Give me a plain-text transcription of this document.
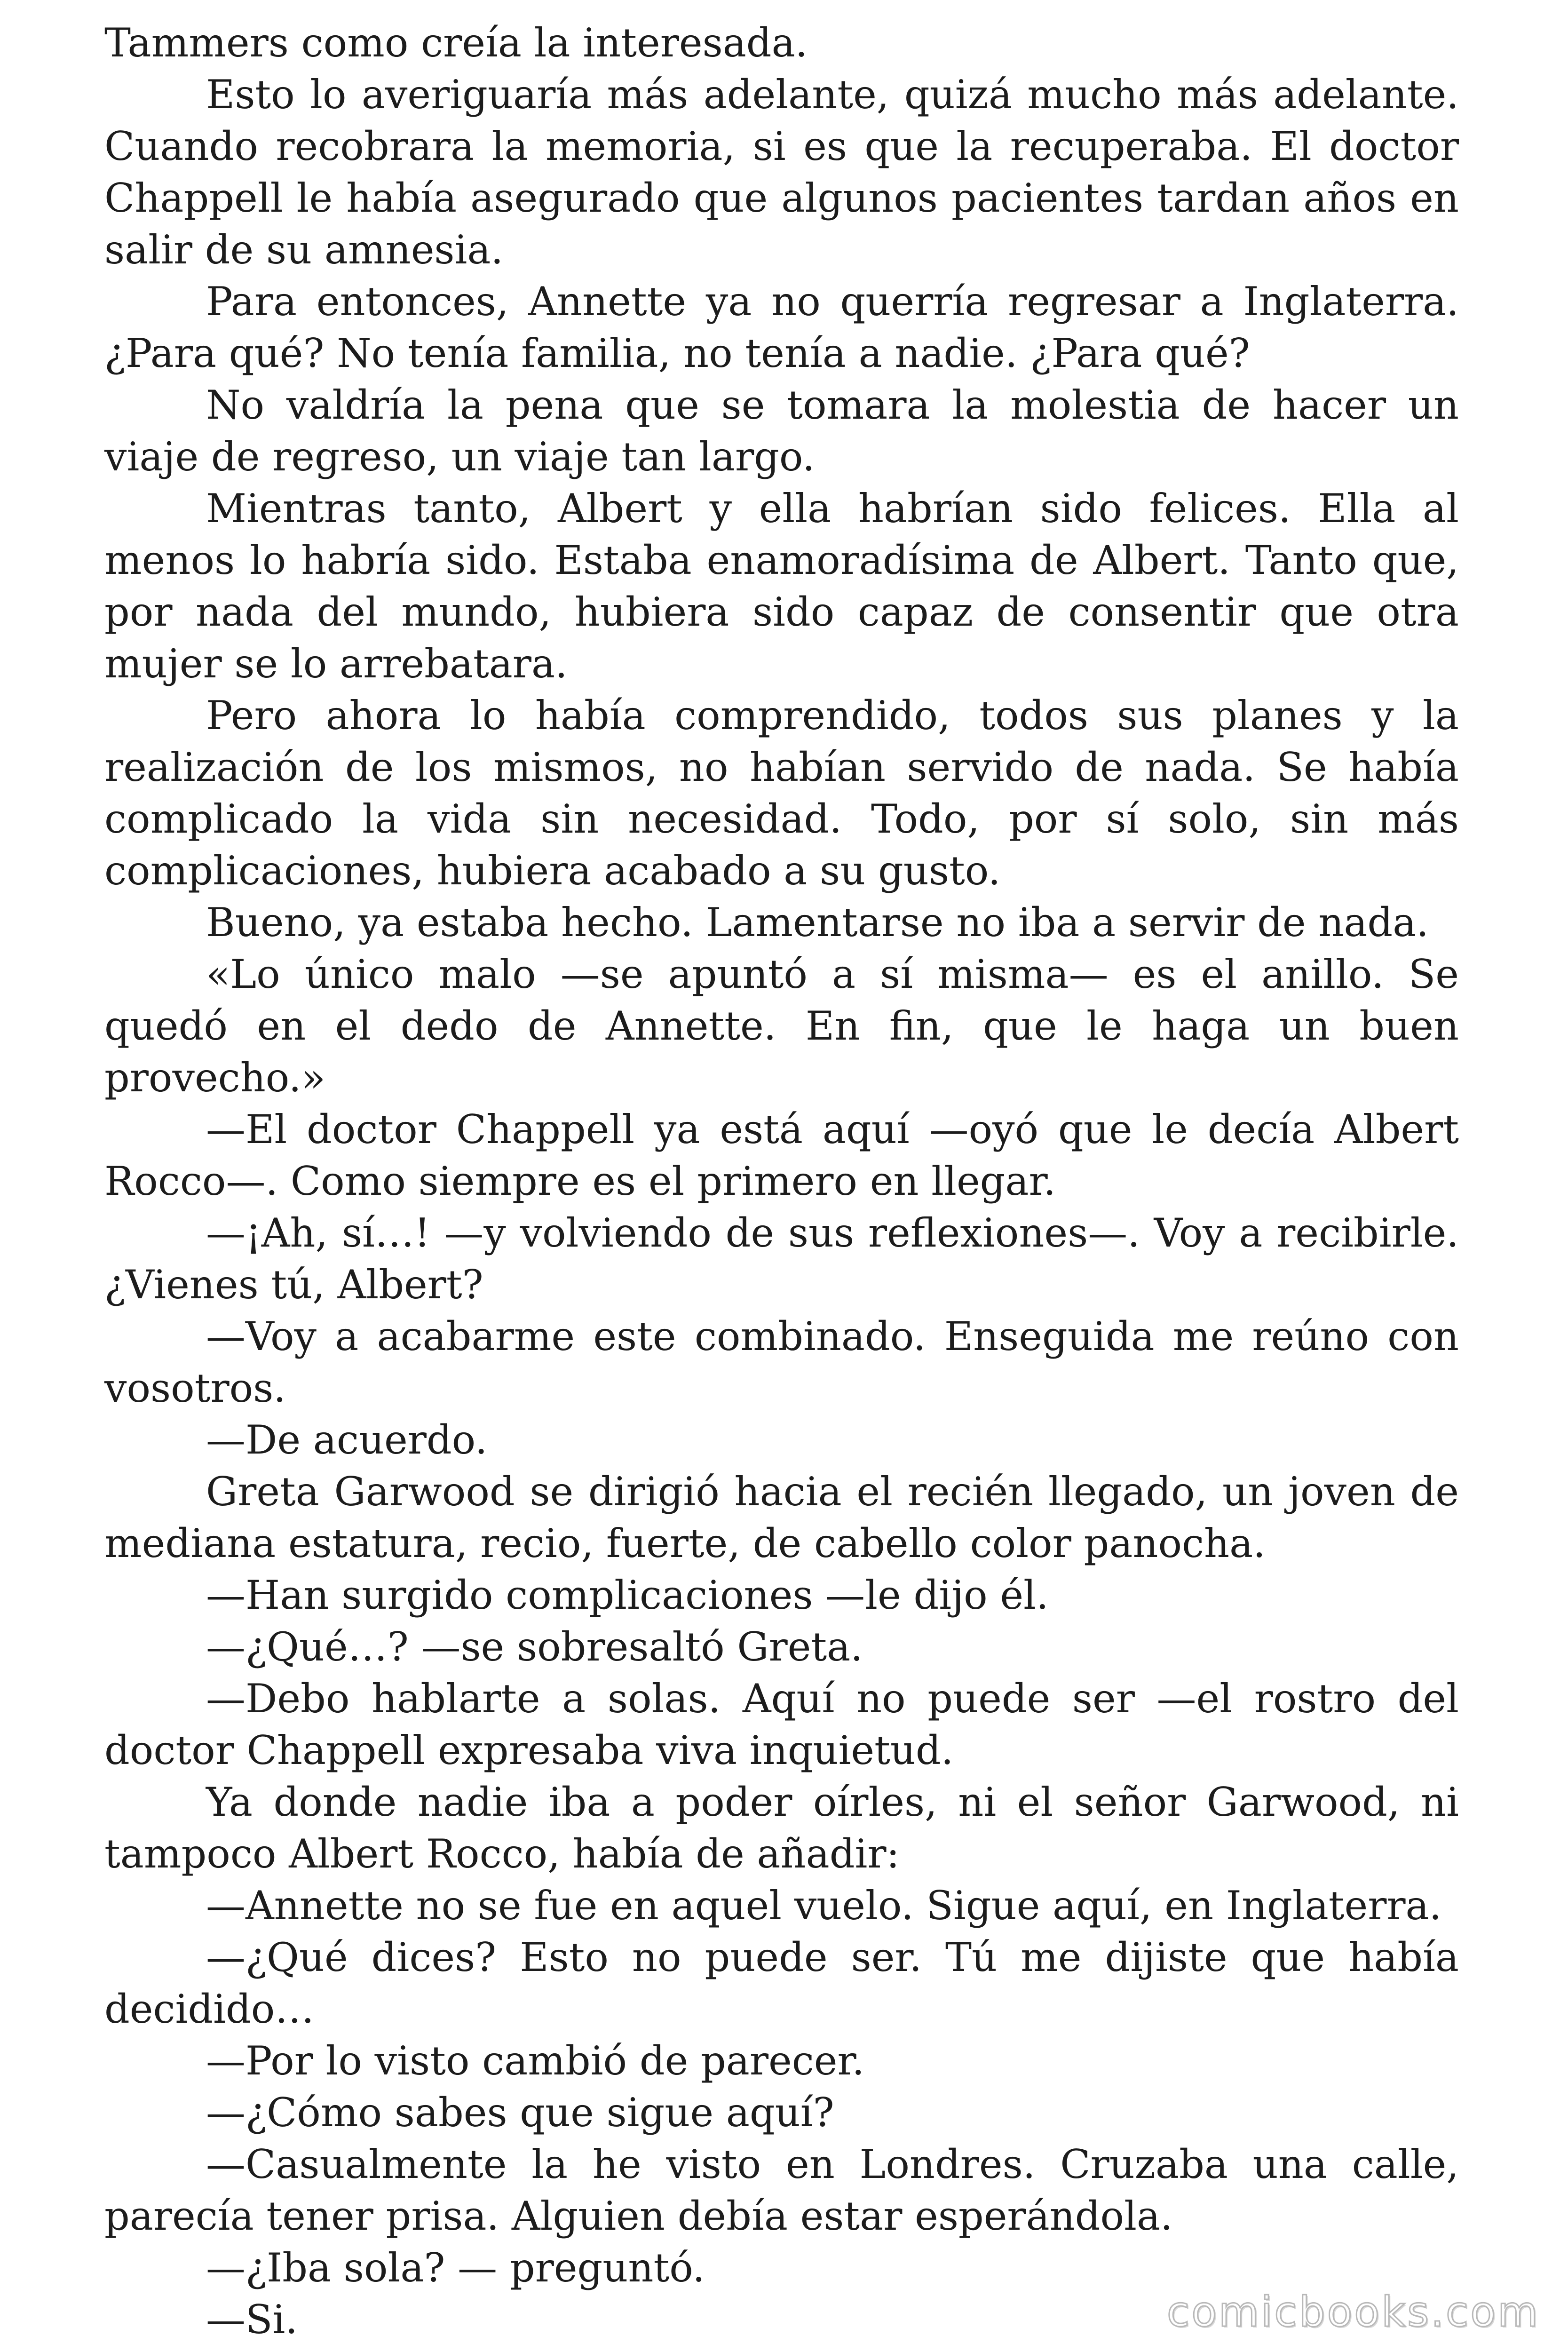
Tammers como creía la interesada.

Esto lo averiguaría más adelante, quizá mucho más adelante. Cuando recobrara la memoria, si es que la recuperaba. El doctor Chappell le había asegurado que algunos pacientes tardan años en salir de su amnesia.

Para entonces, Annette ya no querría regresar a Inglaterra. ¿Para qué? No tenía familia, no tenía a nadie. ¿Para qué?

No valdría la pena que se tomara la molestia de hacer un viaje de regreso, un viaje tan largo.

Mientras tanto, Albert y ella habrían sido felices. Ella al menos lo habría sido. Estaba enamoradísima de Albert. Tanto que, por nada del mundo, hubiera sido capaz de consentir que otra mujer se lo arrebatara.

Pero ahora lo había comprendido, todos sus planes y la realización de los mismos, no habían servido de nada. Se había complicado la vida sin necesidad. Todo, por sí solo, sin más complicaciones, hubiera acabado a su gusto.

Bueno, ya estaba hecho. Lamentarse no iba a servir de nada.

«Lo único malo —se apuntó a sí misma— es el anillo. Se quedó en el dedo de Annette. En fin, que le haga un buen provecho.»

—El doctor Chappell ya está aquí —oyó que le decía Albert Rocco—. Como siempre es el primero en llegar.

—¡Ah, sí…! —y volviendo de sus reflexiones—. Voy a recibirle. ¿Vienes tú, Albert?

—Voy a acabarme este combinado. Enseguida me reúno con vosotros.

—De acuerdo.

Greta Garwood se dirigió hacia el recién llegado, un joven de mediana estatura, recio, fuerte, de cabello color panocha.

—Han surgido complicaciones —le dijo él.

—¿Qué…? —se sobresaltó Greta.

—Debo hablarte a solas. Aquí no puede ser —el rostro del doctor Chappell expresaba viva inquietud.

Ya donde nadie iba a poder oírles, ni el señor Garwood, ni tampoco Albert Rocco, había de añadir:

—Annette no se fue en aquel vuelo. Sigue aquí, en Inglaterra.

—¿Qué dices? Esto no puede ser. Tú me dijiste que había decidido…

—Por lo visto cambió de parecer.

—¿Cómo sabes que sigue aquí?

—Casualmente la he visto en Londres. Cruzaba una calle, parecía tener prisa. Alguien debía estar esperándola.

—¿Iba sola? — preguntó.

—Si.	comicbooks.com
